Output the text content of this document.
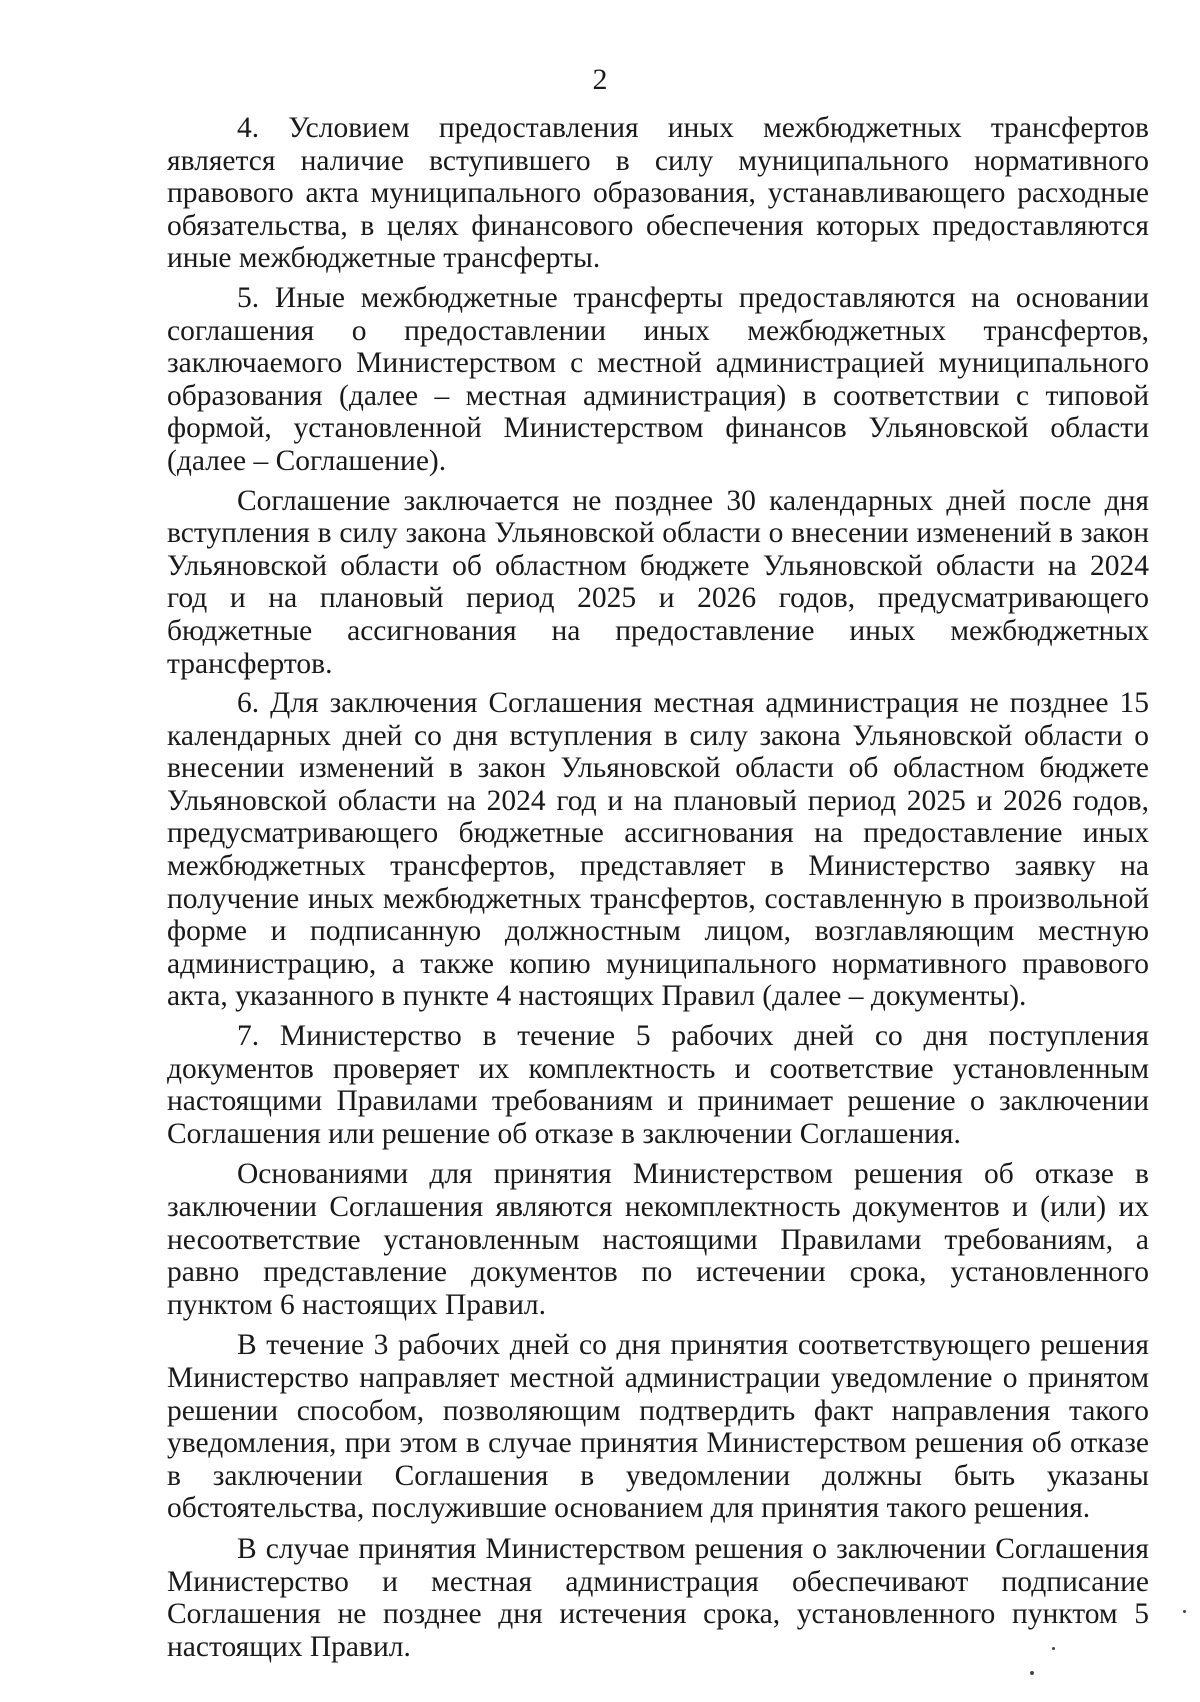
2

4. Условием предоставления иных межбюджетных трансфертов является наличие вступившего в силу муниципального нормативного правового акта муниципального образования, устанавливающего расходные обязательства, в целях финансового обеспечения которых предоставляются иные межбюджетные трансферты.

5. Иные межбюджетные трансферты предоставляются на основании соглашения о предоставлении иных межбюджетных трансфертов, заключаемого Министерством с местной администрацией муниципального образования (далее – местная администрация) в соответствии с типовой формой, установленной Министерством финансов Ульяновской области (далее – Соглашение).

Соглашение заключается не позднее 30 календарных дней после дня вступления в силу закона Ульяновской области о внесении изменений в закон Ульяновской области об областном бюджете Ульяновской области на 2024 год и на плановый период 2025 и 2026 годов, предусматривающего бюджетные ассигнования на предоставление иных межбюджетных трансфертов.

6. Для заключения Соглашения местная администрация не позднее 15 календарных дней со дня вступления в силу закона Ульяновской области о внесении изменений в закон Ульяновской области об областном бюджете Ульяновской области на 2024 год и на плановый период 2025 и 2026 годов, предусматривающего бюджетные ассигнования на предоставление иных межбюджетных трансфертов, представляет в Министерство заявку на получение иных межбюджетных трансфертов, составленную в произвольной форме и подписанную должностным лицом, возглавляющим местную администрацию, а также копию муниципального нормативного правового акта, указанного в пункте 4 настоящих Правил (далее – документы).

7. Министерство в течение 5 рабочих дней со дня поступления документов проверяет их комплектность и соответствие установленным настоящими Правилами требованиям и принимает решение о заключении Соглашения или решение об отказе в заключении Соглашения.

Основаниями для принятия Министерством решения об отказе в заключении Соглашения являются некомплектность документов и (или) их несоответствие установленным настоящими Правилами требованиям, а равно представление документов по истечении срока, установленного пунктом 6 настоящих Правил.

В течение 3 рабочих дней со дня принятия соответствующего решения Министерство направляет местной администрации уведомление о принятом решении способом, позволяющим подтвердить факт направления такого уведомления, при этом в случае принятия Министерством решения об отказе в заключении Соглашения в уведомлении должны быть указаны обстоятельства, послужившие основанием для принятия такого решения.

В случае принятия Министерством решения о заключении Соглашения Министерство и местная администрация обеспечивают подписание Соглашения не позднее дня истечения срока, установленного пунктом 5 настоящих Правил.
